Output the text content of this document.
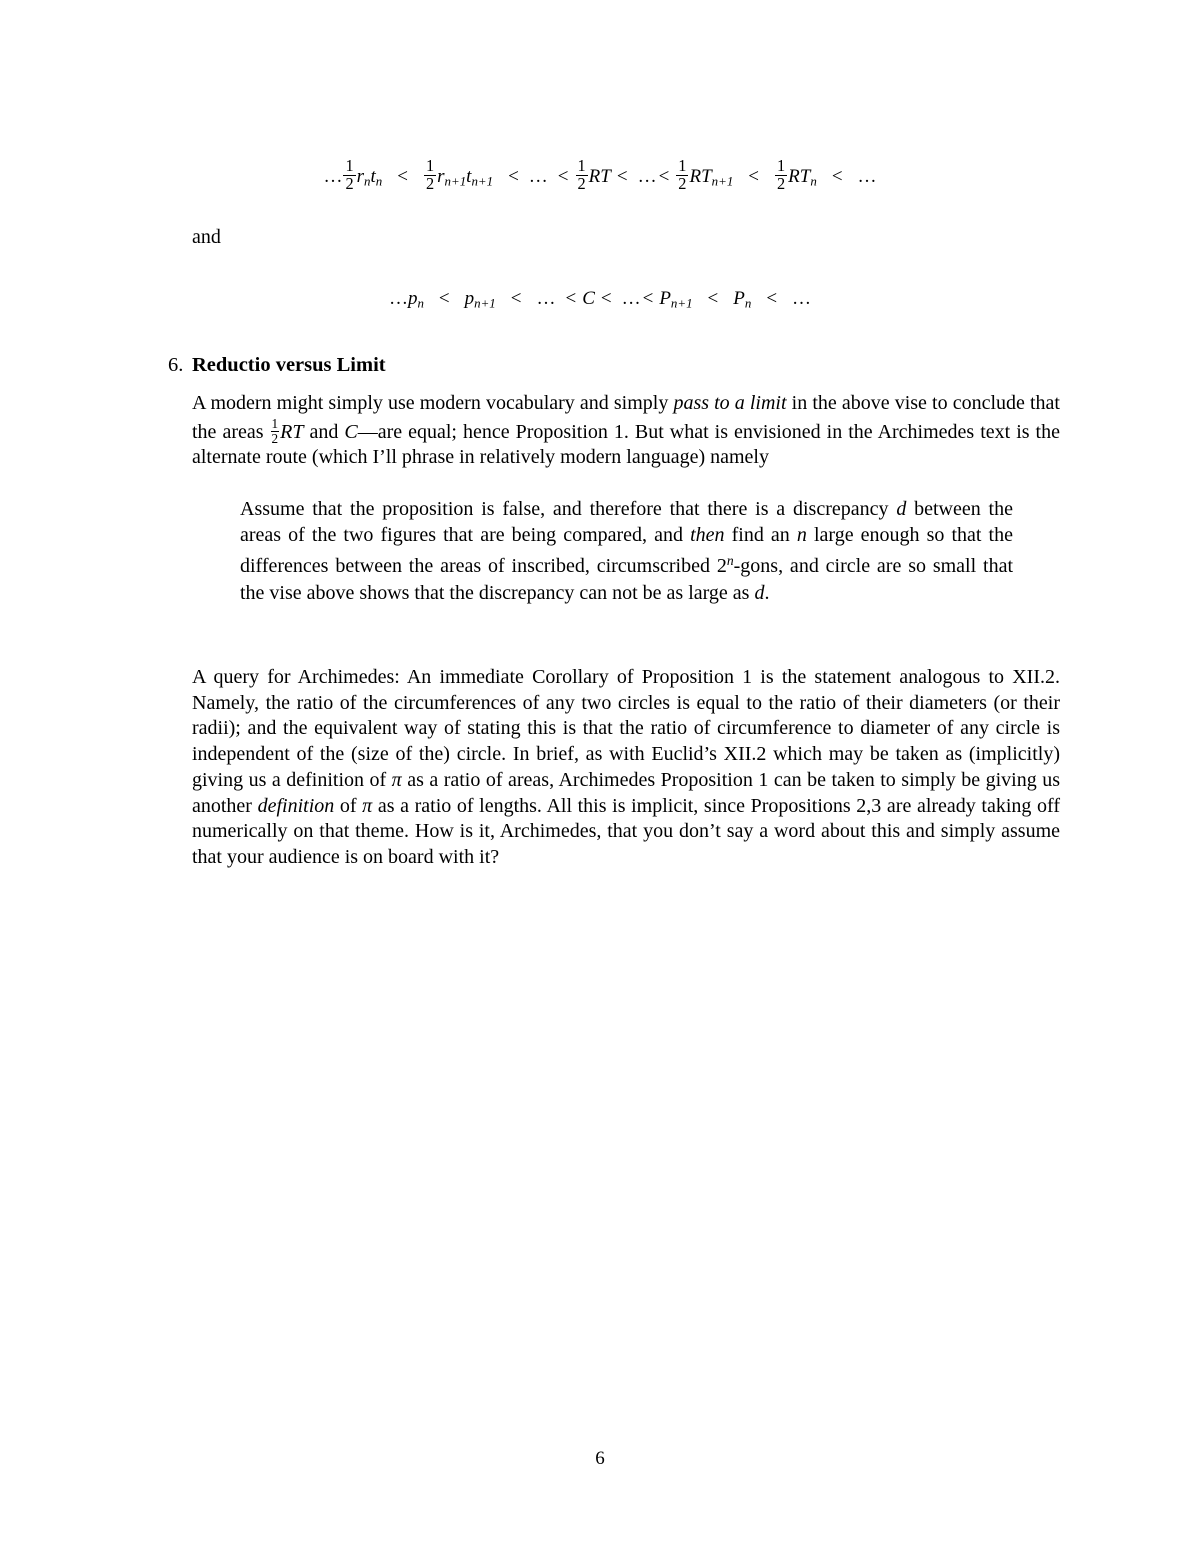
… $\frac{1}{2} r_nt_n < \frac{1}{2} r_{n+1}t_{n+1}$ < … < $\frac{1}{2}$ RT < … < $\frac{1}{2} RT_{n+1} < \frac{1}{2} RT_n$ < …
and
$\dots p_n < p_{n+1}$ < … < C < … < $P_{n+1} < P_n$ < …
6. Reductio versus Limit

A modern might simply use modern vocabulary and simply pass to a limit in the above vise to conclude that the areas $\frac{1}{2}$ RT and C—are equal; hence Proposition 1. But what is envisioned in the Archimedes text is the alternate route (which I’ll phrase in relatively modern language) namely

Assume that the proposition is false, and therefore that there is a discrepancy d between the areas of the two figures that are being compared, and then find an n large enough so that the differences between the areas of inscribed, circumscribed 2$^n$-gons, and circle are so small that the vise above shows that the discrepancy can not be as large as d.

A query for Archimedes: An immediate Corollary of Proposition 1 is the statement analogous to XII.2. Namely, the ratio of the circumferences of any two circles is equal to the ratio of their diameters (or their radii); and the equivalent way of stating this is that the ratio of circumference to diameter of any circle is independent of the (size of the) circle. In brief, as with Euclid’s XII.2 which may be taken as (implicitly) giving us a definition of π as a ratio of areas, Archimedes Proposition 1 can be taken to simply be giving us another definition of π as a ratio of lengths. All this is implicit, since Propositions 2,3 are already taking off numerically on that theme. How is it, Archimedes, that you don’t say a word about this and simply assume that your audience is on board with it?

6
